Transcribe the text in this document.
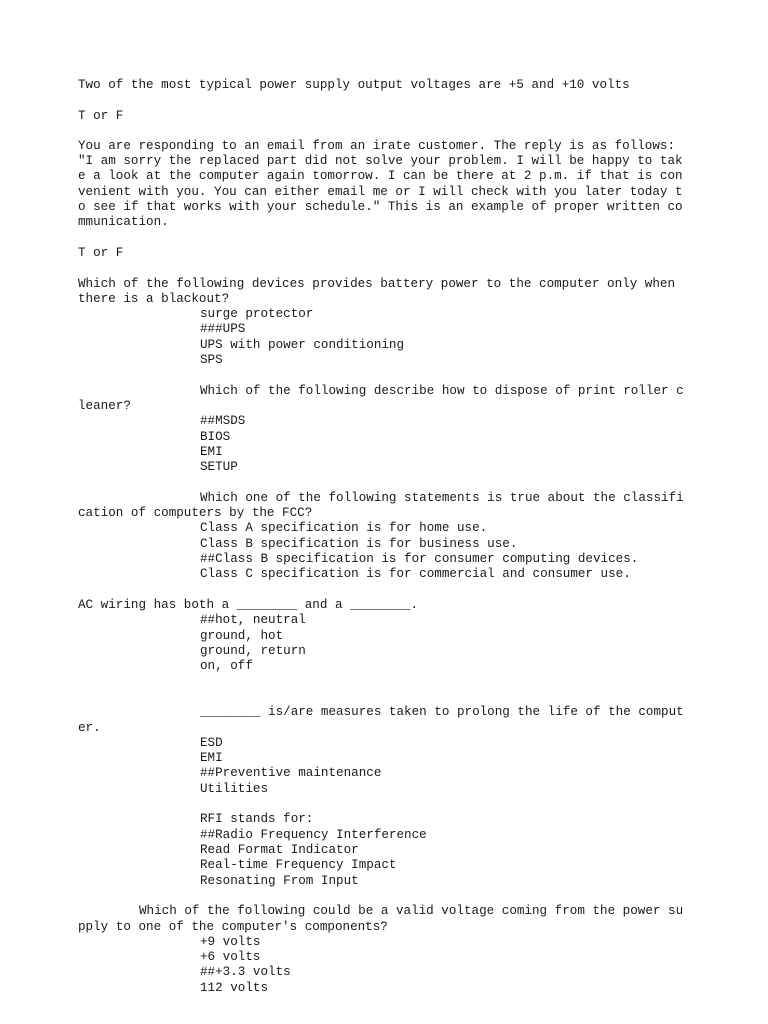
Two of the most typical power supply output voltages are +5 and +10 volts
T or F
You are responding to an email from an irate customer. The reply is as follows:
"I am sorry the replaced part did not solve your problem. I will be happy to tak
e a look at the computer again tomorrow. I can be there at 2 p.m. if that is con
venient with you. You can either email me or I will check with you later today t
o see if that works with your schedule." This is an example of proper written co
mmunication.
T or F
Which of the following devices provides battery power to the computer only when
there is a blackout?
surge protector
###UPS
UPS with power conditioning
SPS
Which of the following describe how to dispose of print roller c
leaner?
##MSDS
BIOS
EMI
SETUP
Which one of the following statements is true about the classifi
cation of computers by the FCC?
Class A specification is for home use.
Class B specification is for business use.
##Class B specification is for consumer computing devices.
Class C specification is for commercial and consumer use.
AC wiring has both a ________ and a ________.
##hot, neutral
ground, hot
ground, return
on, off
________ is/are measures taken to prolong the life of the comput
er.
ESD
EMI
##Preventive maintenance
Utilities
RFI stands for:
##Radio Frequency Interference
Read Format Indicator
Real-time Frequency Impact
Resonating From Input
Which of the following could be a valid voltage coming from the power su
pply to one of the computer's components?
+9 volts
+6 volts
##+3.3 volts
112 volts
